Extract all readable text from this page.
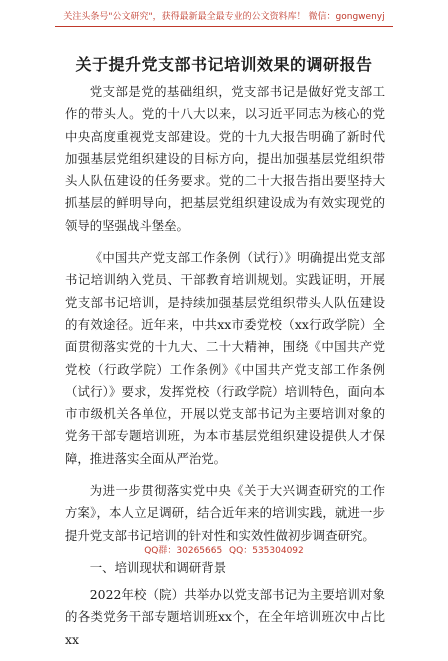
关注头条号"公文研究"，获得最新最全最专业的公文资料库！ 微信：gongwenyj
关于提升党支部书记培训效果的调研报告

党支部是党的基础组织，党支部书记是做好党支部工作的带头人。党的十八大以来，以习近平同志为核心的党中央高度重视党支部建设。党的十九大报告明确了新时代加强基层党组织建设的目标方向，提出加强基层党组织带头人队伍建设的任务要求。党的二十大报告指出要坚持大抓基层的鲜明导向，把基层党组织建设成为有效实现党的领导的坚强战斗堡垒。

《中国共产党支部工作条例（试行）》明确提出党支部书记培训纳入党员、干部教育培训规划。实践证明，开展党支部书记培训，是持续加强基层党组织带头人队伍建设的有效途径。近年来，中共xx市委党校（xx行政学院）全面贯彻落实党的十九大、二十大精神，围绕《中国共产党党校（行政学院）工作条例》《中国共产党支部工作条例（试行）》要求，发挥党校（行政学院）培训特色，面向本市市级机关各单位，开展以党支部书记为主要培训对象的党务干部专题培训班，为本市基层党组织建设提供人才保障，推进落实全面从严治党。

为进一步贯彻落实党中央《关于大兴调查研究的工作方案》，本人立足调研，结合近年来的培训实践，就进一步提升党支部书记培训的针对性和实效性做初步调查研究。

一、培训现状和调研背景

2022年校（院）共举办以党支部书记为主要培训对象的各类党务干部专题培训班xx个，在全年培训班次中占比xx

QQ群：30265665 QQ：535304092
